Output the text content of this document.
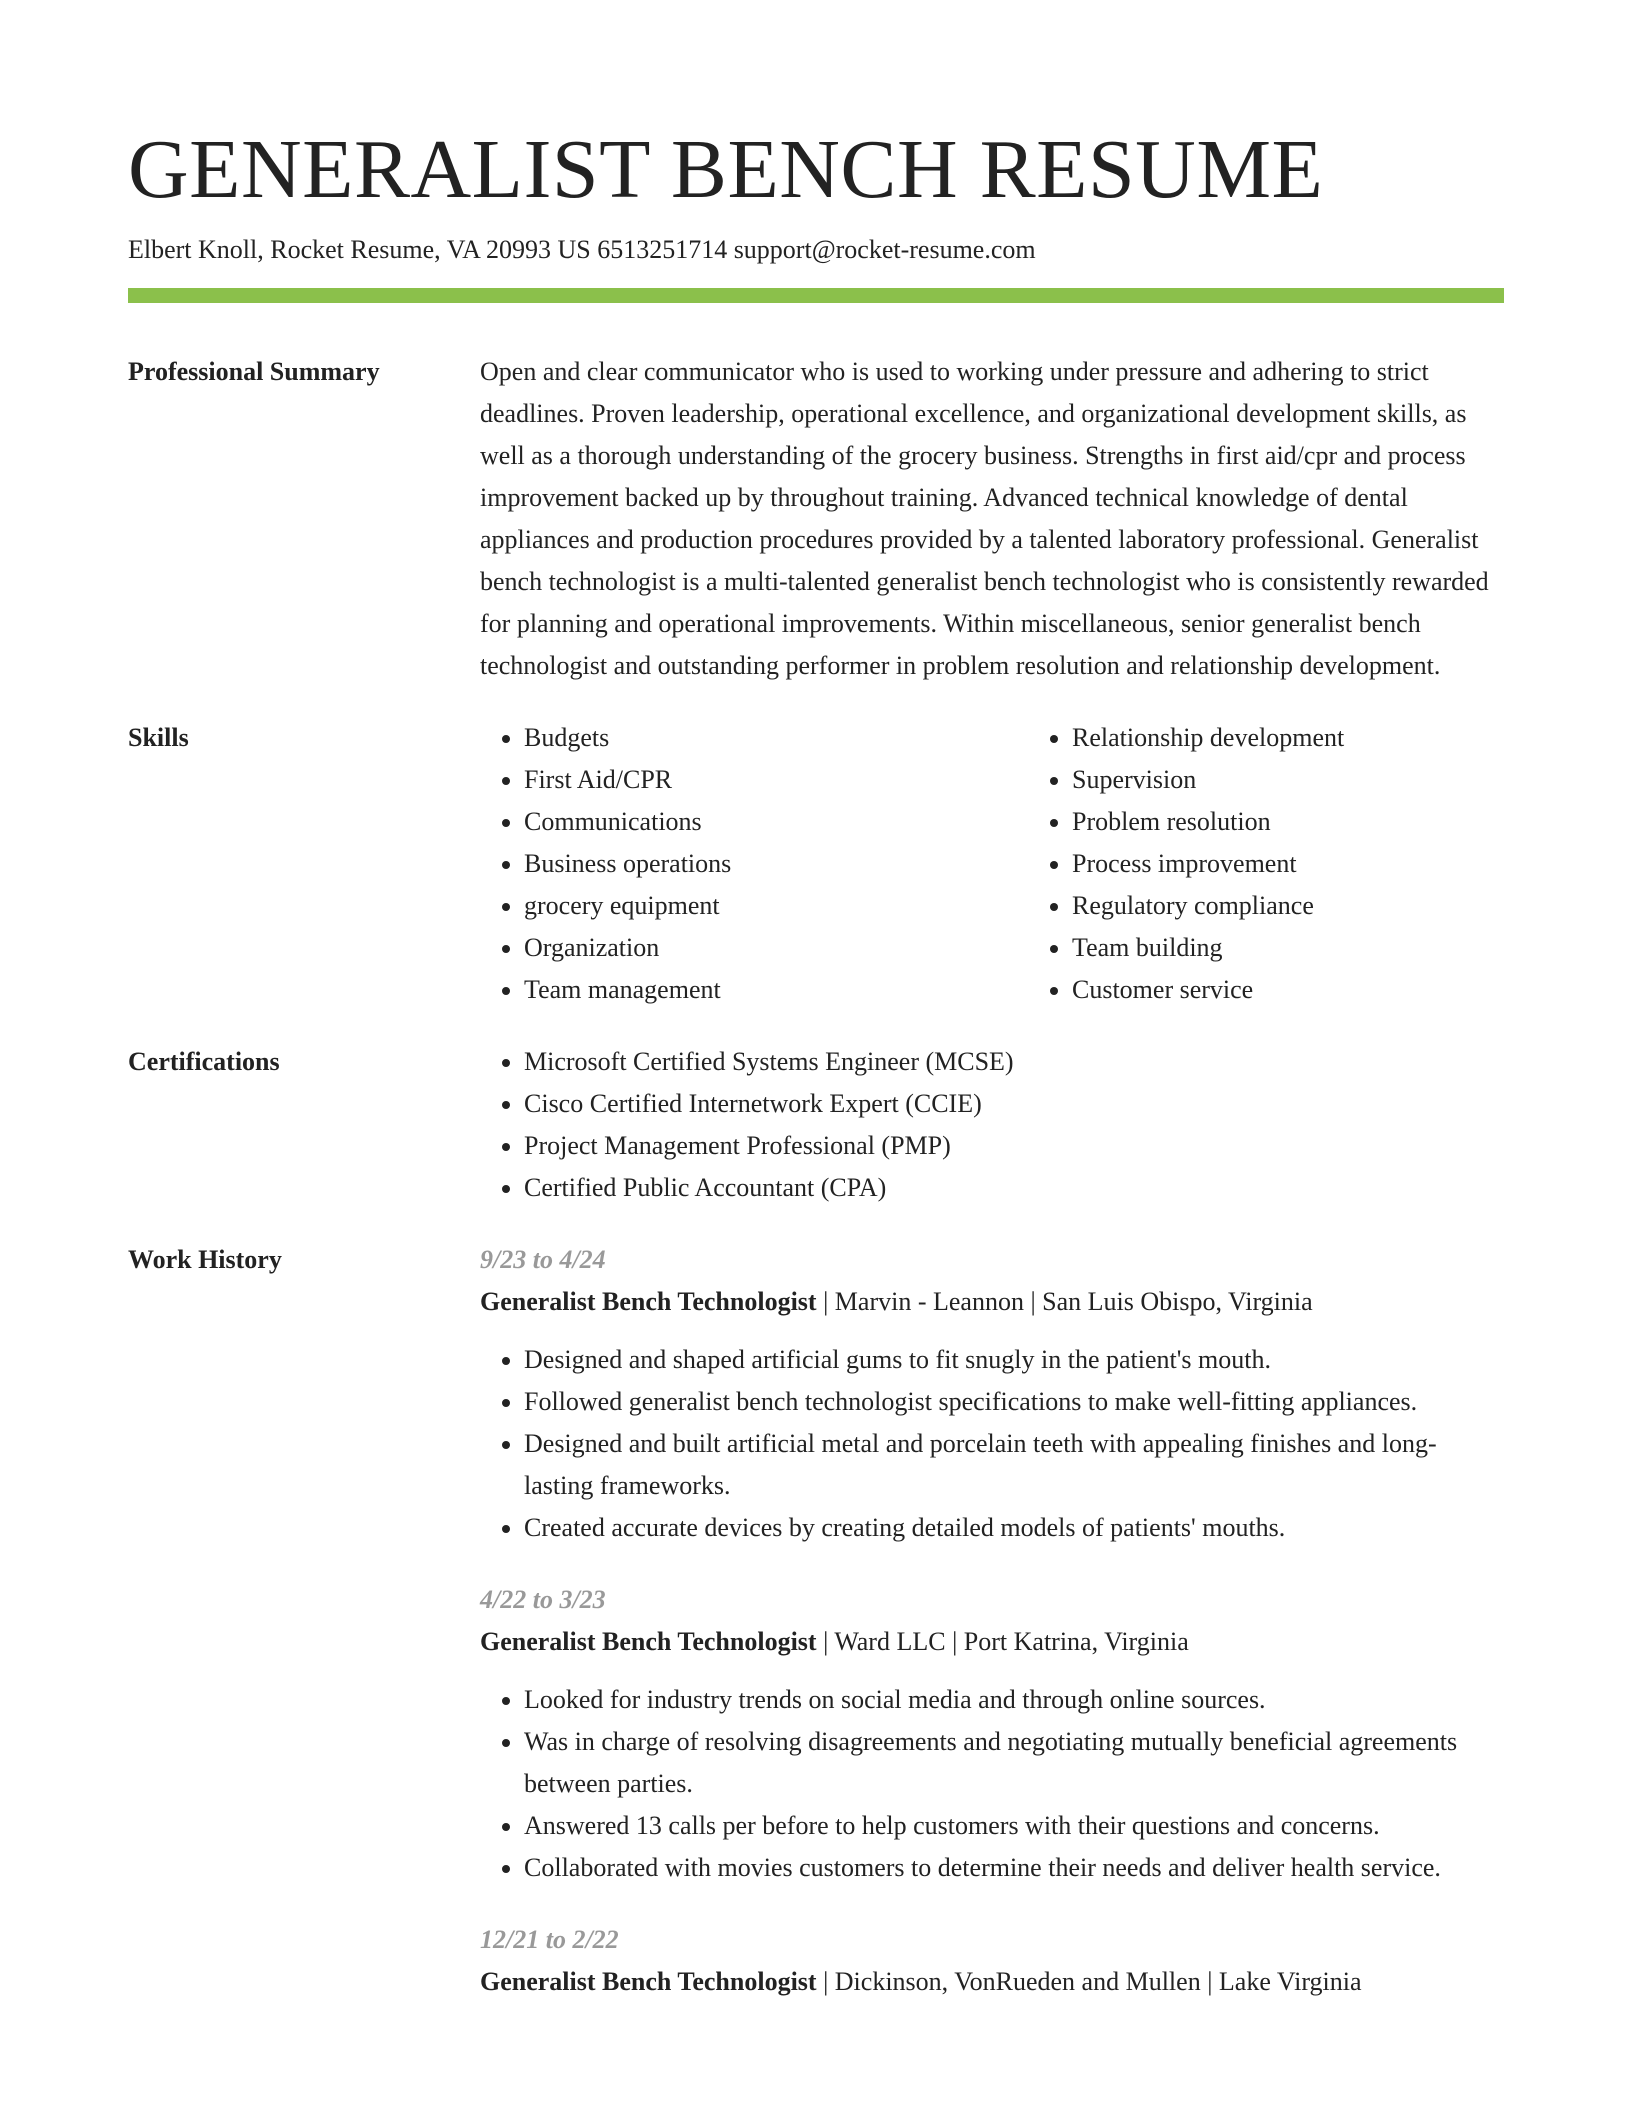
GENERALIST BENCH RESUME
Elbert Knoll, Rocket Resume, VA 20993 US 6513251714 support@rocket-resume.com
Professional Summary	Open and clear communicator who is used to working under pressure and adhering to strict deadlines. Proven leadership, operational excellence, and organizational development skills, as well as a thorough understanding of the grocery business. Strengths in first aid/cpr and process improvement backed up by throughout training. Advanced technical knowledge of dental appliances and production procedures provided by a talented laboratory professional. Generalist bench technologist is a multi-talented generalist bench technologist who is consistently rewarded for planning and operational improvements. Within miscellaneous, senior generalist bench technologist and outstanding performer in problem resolution and relationship development.

Skills	• Budgets
• First Aid/CPR
• Communications
• Business operations
• grocery equipment
• Organization
• Team management
• Relationship development
• Supervision
• Problem resolution
• Process improvement
• Regulatory compliance
• Team building
• Customer service
Certifications	• Microsoft Certified Systems Engineer (MCSE)
• Cisco Certified Internetwork Expert (CCIE)
• Project Management Professional (PMP)
• Certified Public Accountant (CPA)
Work History	9/23 to 4/24
Generalist Bench Technologist | Marvin - Leannon | San Luis Obispo, Virginia
• Designed and shaped artificial gums to fit snugly in the patient's mouth.
• Followed generalist bench technologist specifications to make well-fitting appliances.
• Designed and built artificial metal and porcelain teeth with appealing finishes and long-lasting frameworks.
• Created accurate devices by creating detailed models of patients' mouths.
4/22 to 3/23
Generalist Bench Technologist | Ward LLC | Port Katrina, Virginia
• Looked for industry trends on social media and through online sources.
• Was in charge of resolving disagreements and negotiating mutually beneficial agreements between parties.
• Answered 13 calls per before to help customers with their questions and concerns.
• Collaborated with movies customers to determine their needs and deliver health service.
12/21 to 2/22
Generalist Bench Technologist | Dickinson, VonRueden and Mullen | Lake Virginia
